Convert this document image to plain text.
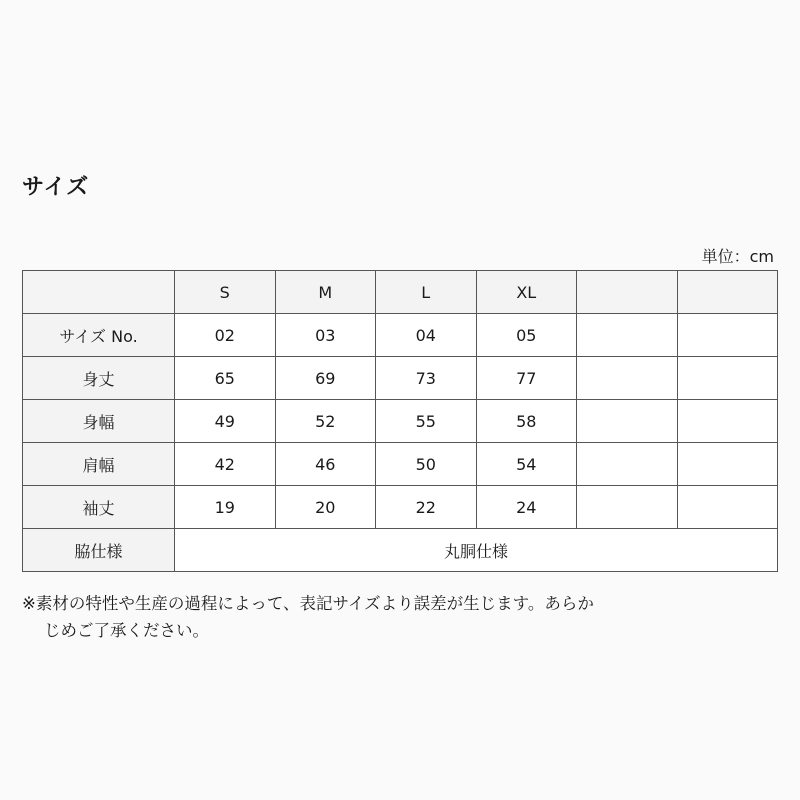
サイズ
単位：cm
	S	M	L	XL		
サイズ No.	02	03	04	05		
身丈	65	69	73	77		
身幅	49	52	55	58		
肩幅	42	46	50	54		
袖丈	19	20	22	24		
脇仕様	丸胴仕様					
※素材の特性や生産の過程によって、表記サイズより誤差が生じます。あらか
じめご了承ください。
